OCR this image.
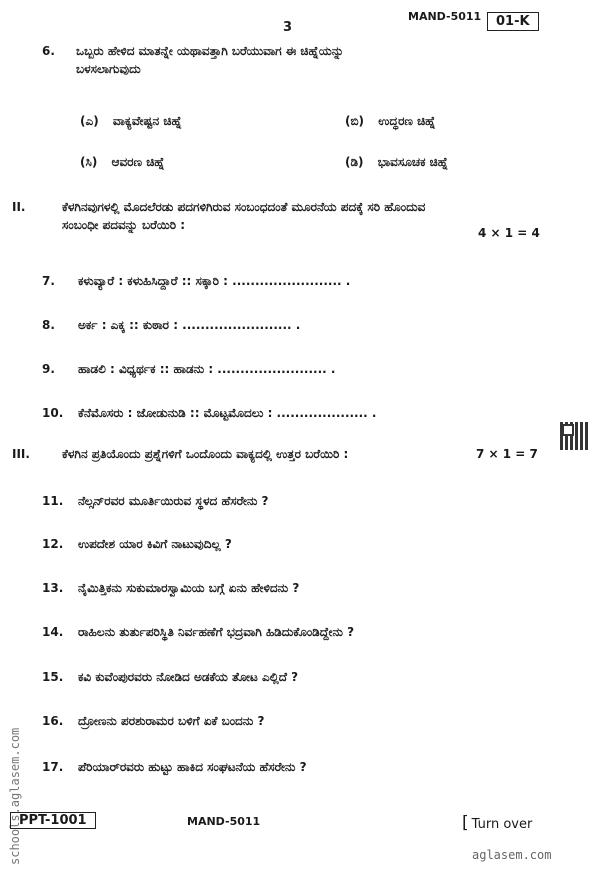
3
MAND-5011	01-K
6. ಒಬ್ಬರು ಹೇಳಿದ ಮಾತನ್ನೇ ಯಥಾವತ್ತಾಗಿ ಬರೆಯುವಾಗ ಈ ಚಿಹ್ನೆಯನ್ನು
ಬಳಸಲಾಗುವುದು
(ಎ) ವಾಕ್ಯವೇಷ್ಟನ ಚಿಹ್ನೆ	(ಬಿ) ಉದ್ಧರಣ ಚಿಹ್ನೆ
(ಸಿ) ಆವರಣ ಚಿಹ್ನೆ	(ಡಿ) ಭಾವಸೂಚಕ ಚಿಹ್ನೆ
II.	ಕೆಳಗಿನವುಗಳಲ್ಲಿ ಮೊದಲೆರಡು ಪದಗಳಿಗಿರುವ ಸಂಬಂಧದಂತೆ ಮೂರನೆಯ ಪದಕ್ಕೆ ಸರಿ ಹೊಂದುವ
ಸಂಬಂಧೀ ಪದವನ್ನು ಬರೆಯಿರಿ :
4 × 1 = 4
7. ಕಳುವ್ಯಾರೆ : ಕಳುಹಿಸಿದ್ದಾರೆ :: ಸಕ್ಕಾರಿ : ........................ .
8. ಅರ್ಕ : ಎಕ್ಕ :: ಕುಠಾರ : ........................ .
9. ಹಾಡಲಿ : ವಿಧ್ಯರ್ಥಕ :: ಹಾಡನು : ........................ .
10. ಕೆನೆಮೊಸರು : ಜೋಡುನುಡಿ :: ಮೊಟ್ಟಮೊದಲು : .................... .
III.	ಕೆಳಗಿನ ಪ್ರತಿಯೊಂದು ಪ್ರಶ್ನೆಗಳಿಗೆ ಒಂದೊಂದು ವಾಕ್ಯದಲ್ಲಿ ಉತ್ತರ ಬರೆಯಿರಿ :	7 × 1 = 7
11. ನೆಲ್ಸನ್‌ರವರ ಮೂರ್ತಿಯಿರುವ ಸ್ಥಳದ ಹೆಸರೇನು ?
12. ಉಪದೇಶ ಯಾರ ಕಿವಿಗೆ ನಾಟುವುದಿಲ್ಲ ?
13. ನೈಮಿತ್ತಿಕನು ಸುಕುಮಾರಸ್ವಾಮಿಯ ಬಗ್ಗೆ ಏನು ಹೇಳಿದನು ?
14. ರಾಹಿಲನು ತುರ್ತುಪರಿಸ್ಥಿತಿ ನಿರ್ವಹಣೆಗೆ ಭದ್ರವಾಗಿ ಹಿಡಿದುಕೊಂಡಿದ್ದೇನು ?
15. ಕವಿ ಕುವೆಂಪುರವರು ನೋಡಿದ ಅಡಕೆಯ ತೋಟ ಎಲ್ಲಿದೆ ?
16. ದ್ರೋಣನು ಪರಶುರಾಮರ ಬಳಿಗೆ ಏಕೆ ಬಂದನು ?
17. ಪೆರಿಯಾರ್‌ರವರು ಹುಟ್ಟು ಹಾಕಿದ ಸಂಘಟನೆಯ ಹೆಸರೇನು ?
schools.aglasem.com
PPT-1001	MAND-5011	[ Turn over
aglasem.com
